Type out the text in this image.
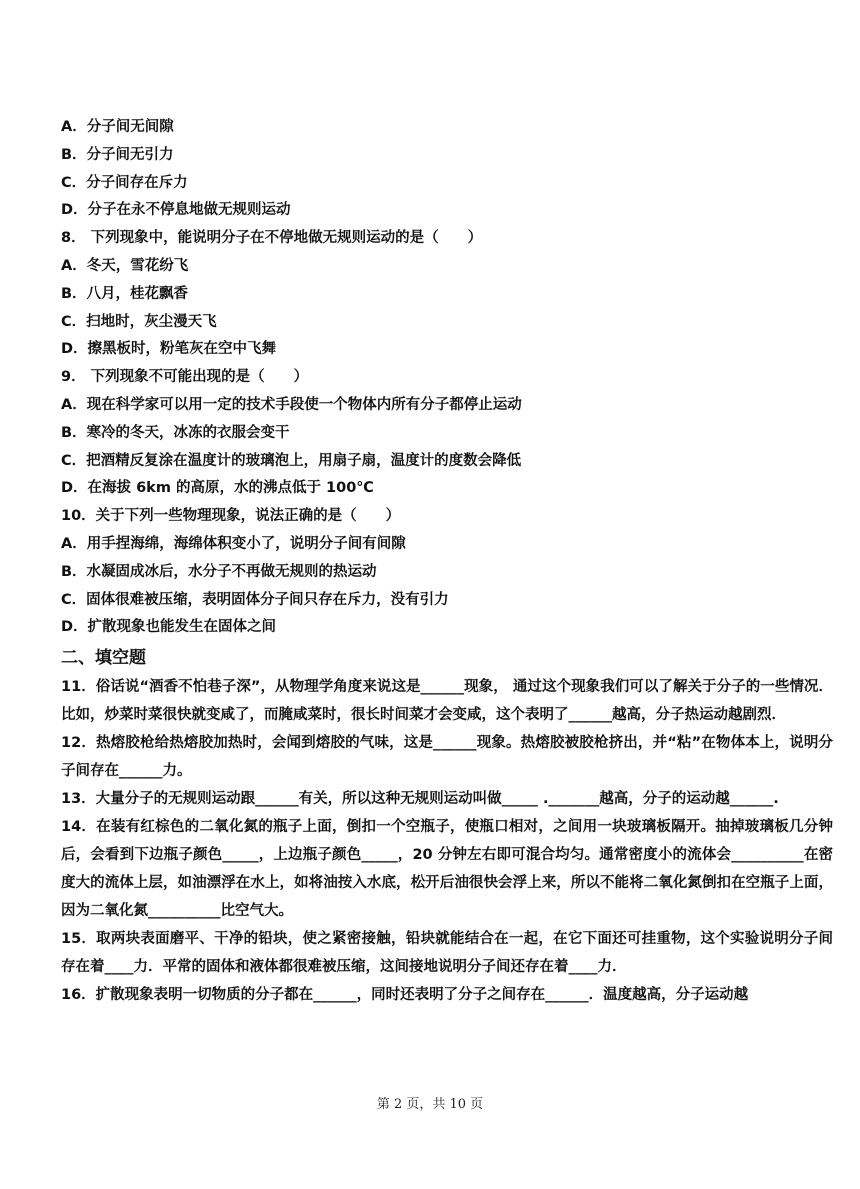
A．分子间无间隙
B．分子间无引力
C．分子间存在斥力
D．分子在永不停息地做无规则运动
8． 下列现象中，能说明分子在不停地做无规则运动的是（　　）
A．冬天，雪花纷飞
B．八月，桂花飘香
C．扫地时，灰尘漫天飞
D．擦黑板时，粉笔灰在空中飞舞
9． 下列现象不可能出现的是（　　）
A．现在科学家可以用一定的技术手段使一个物体内所有分子都停止运动
B．寒冷的冬天，冰冻的衣服会变干
C．把酒精反复涂在温度计的玻璃泡上，用扇子扇，温度计的度数会降低
D．在海拔 6km 的高原，水的沸点低于 100℃
10．关于下列一些物理现象，说法正确的是（　　）
A．用手捏海绵，海绵体积变小了，说明分子间有间隙
B．水凝固成冰后，水分子不再做无规则的热运动
C．固体很难被压缩，表明固体分子间只存在斥力，没有引力
D．扩散现象也能发生在固体之间
二、填空题
11．俗话说“酒香不怕巷子深”，从物理学角度来说这是______现象， 通过这个现象我们可以了解关于分子的一些情况．比如，炒菜时菜很快就变咸了，而腌咸菜时，很长时间菜才会变咸，这个表明了______越高，分子热运动越剧烈．
12．热熔胶枪给热熔胶加热时，会闻到熔胶的气味，这是______现象。热熔胶被胶枪挤出，并“粘”在物体本上，说明分子间存在______力。
13．大量分子的无规则运动跟______有关，所以这种无规则运动叫做_____ ._______越高，分子的运动越______.
14．在装有红棕色的二氧化氮的瓶子上面，倒扣一个空瓶子，使瓶口相对，之间用一块玻璃板隔开。抽掉玻璃板几分钟后，会看到下边瓶子颜色_____，上边瓶子颜色_____，20 分钟左右即可混合均匀。通常密度小的流体会__________在密度大的流体上层，如油漂浮在水上，如将油按入水底，松开后油很快会浮上来，所以不能将二氧化氮倒扣在空瓶子上面，因为二氧化氮__________比空气大。
15．取两块表面磨平、干净的铅块，使之紧密接触，铅块就能结合在一起，在它下面还可挂重物，这个实验说明分子间存在着____力．平常的固体和液体都很难被压缩，这间接地说明分子间还存在着____力．
16．扩散现象表明一切物质的分子都在______，同时还表明了分子之间存在______．温度越高，分子运动越
第 2 页，共 10 页
